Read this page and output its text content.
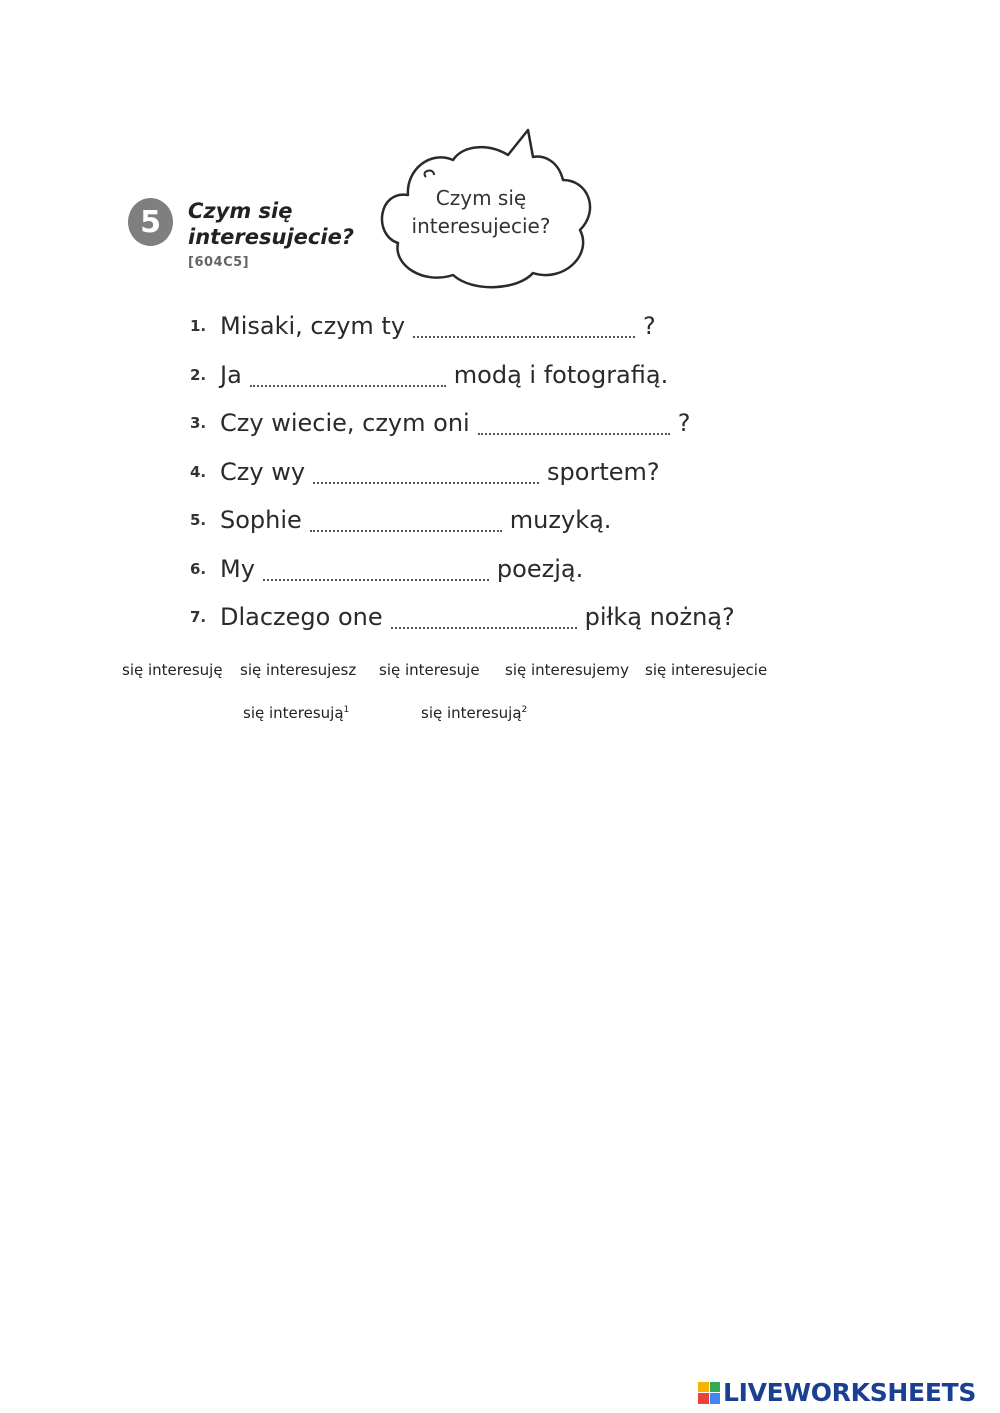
5	Czym się
interesujecie?
[604C5]
Czym się
interesujecie?
1. Misaki, czym ty	?
2. Ja	modą i fotografią.
3. Czy wiecie, czym oni	?
4. Czy wy	sportem?
5. Sophie	muzyką.
6. My	poezją.
7. Dlaczego one	piłką nożną?
się interesuję się interesujesz się interesuje się interesujemy się interesujecie
się interesują$^1$	się interesują$^2$
LIVEWORKSHEETS
